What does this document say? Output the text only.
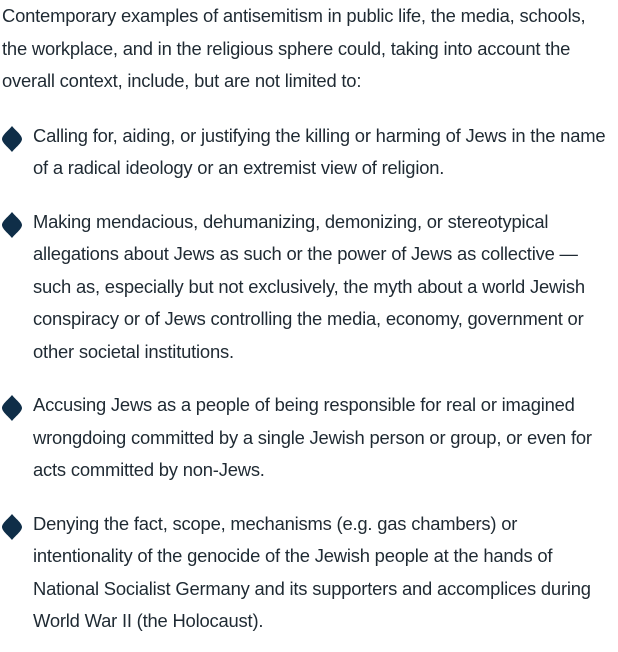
Contemporary examples of antisemitism in public life, the media, schools, the workplace, and in the religious sphere could, taking into account the overall context, include, but are not limited to:

Calling for, aiding, or justifying the killing or harming of Jews in the name of a radical ideology or an extremist view of religion.
Making mendacious, dehumanizing, demonizing, or stereotypical allegations about Jews as such or the power of Jews as collective — such as, especially but not exclusively, the myth about a world Jewish conspiracy or of Jews controlling the media, economy, government or other societal institutions.
Accusing Jews as a people of being responsible for real or imagined wrongdoing committed by a single Jewish person or group, or even for acts committed by non-Jews.
Denying the fact, scope, mechanisms (e.g. gas chambers) or intentionality of the genocide of the Jewish people at the hands of National Socialist Germany and its supporters and accomplices during World War II (the Holocaust).
